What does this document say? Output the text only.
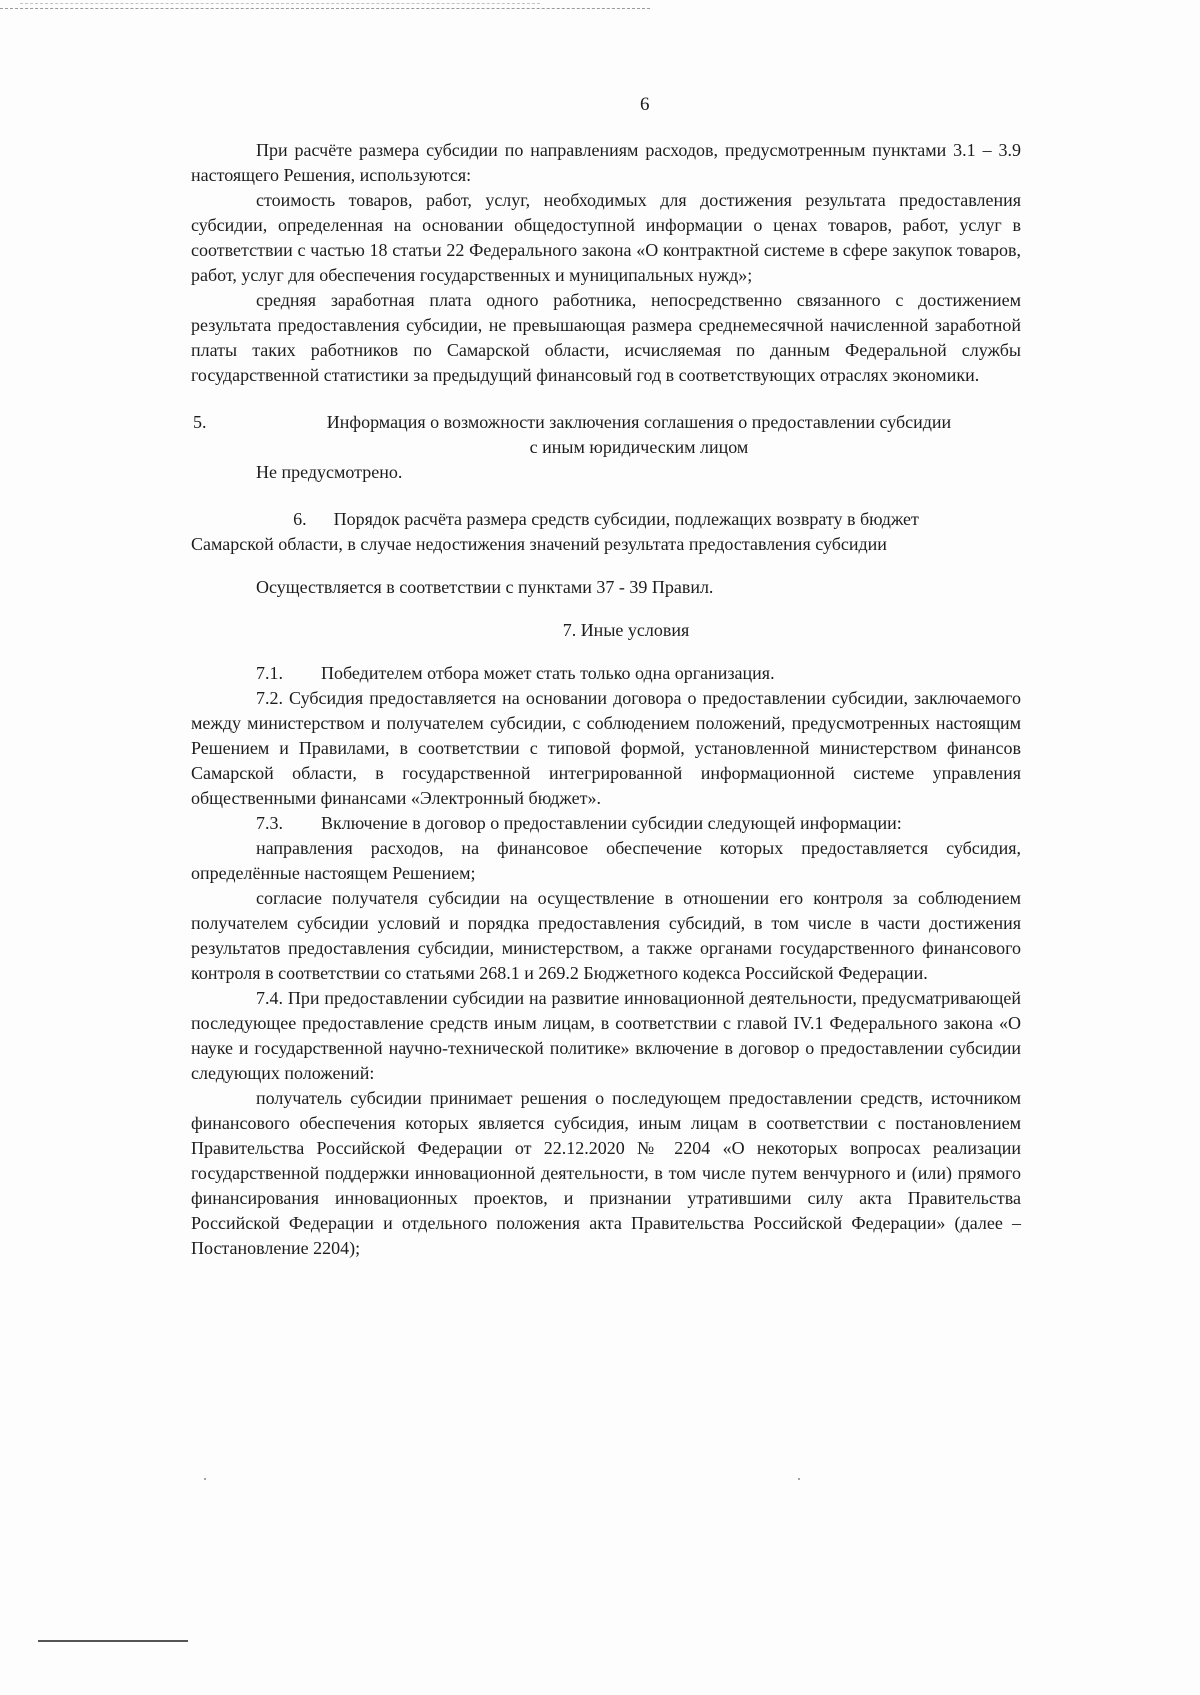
6

При расчёте размера субсидии по направлениям расходов, предусмотренным пунктами 3.1 – 3.9 настоящего Решения, используются:

стоимость товаров, работ, услуг, необходимых для достижения результата предоставления субсидии, определенная на основании общедоступной информации о ценах товаров, работ, услуг в соответствии с частью 18 статьи 22 Федерального закона «О контрактной системе в сфере закупок товаров, работ, услуг для обеспечения государственных и муниципальных нужд»;

средняя заработная плата одного работника, непосредственно связанного с достижением результата предоставления субсидии, не превышающая размера среднемесячной начисленной заработной платы таких работников по Самарской области, исчисляемая по данным Федеральной службы государственной статистики за предыдущий финансовый год в соответствующих отраслях экономики.

5.	Информация о возможности заключения соглашения о предоставлении субсидии
с иным юридическим лицом

Не предусмотрено.

6. Порядок расчёта размера средств субсидии, подлежащих возврату в бюджет
Самарской области, в случае недостижения значений результата предоставления субсидии

Осуществляется в соответствии с пунктами 37 - 39 Правил.

7. Иные условия

7.1. Победителем отбора может стать только одна организация.

7.2. Субсидия предоставляется на основании договора о предоставлении субсидии, заключаемого между министерством и получателем субсидии, с соблюдением положений, предусмотренных настоящим Решением и Правилами, в соответствии с типовой формой, установленной министерством финансов Самарской области, в государственной интегрированной информационной системе управления общественными финансами «Электронный бюджет».

7.3. Включение в договор о предоставлении субсидии следующей информации:

направления расходов, на финансовое обеспечение которых предоставляется субсидия, определённые настоящем Решением;

согласие получателя субсидии на осуществление в отношении его контроля за соблюдением получателем субсидии условий и порядка предоставления субсидий, в том числе в части достижения результатов предоставления субсидии, министерством, а также органами государственного финансового контроля в соответствии со статьями 268.1 и 269.2 Бюджетного кодекса Российской Федерации.

7.4. При предоставлении субсидии на развитие инновационной деятельности, предусматривающей последующее предоставление средств иным лицам, в соответствии с главой IV.1 Федерального закона «О науке и государственной научно-технической политике» включение в договор о предоставлении субсидии следующих положений:

получатель субсидии принимает решения о последующем предоставлении средств, источником финансового обеспечения которых является субсидия, иным лицам в соответствии с постановлением Правительства Российской Федерации от 22.12.2020 № 2204 «О некоторых вопросах реализации государственной поддержки инновационной деятельности, в том числе путем венчурного и (или) прямого финансирования инновационных проектов, и признании утратившими силу акта Правительства Российской Федерации и отдельного положения акта Правительства Российской Федерации» (далее – Постановление 2204);
